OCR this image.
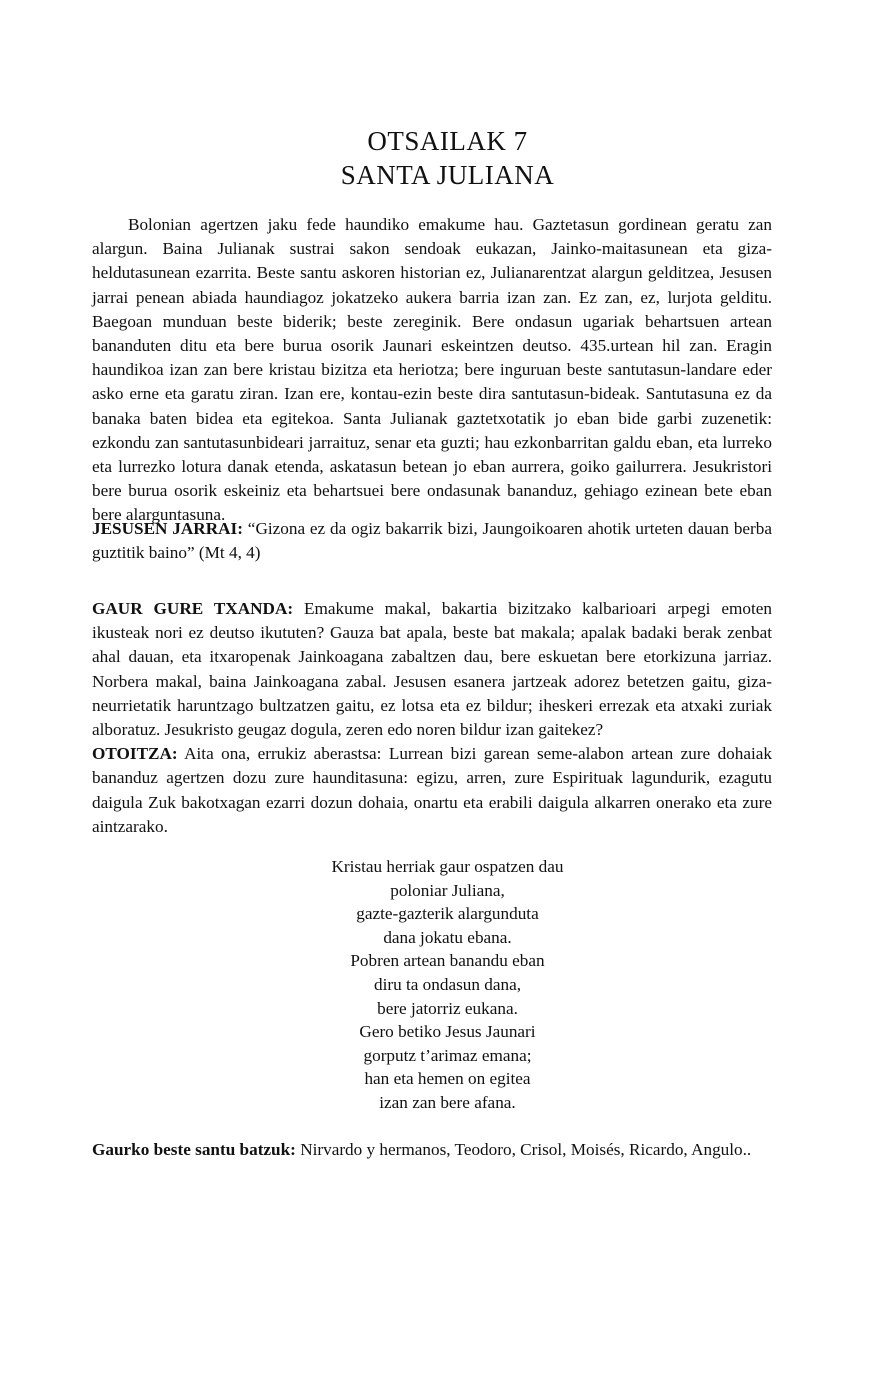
OTSAILAK 7
SANTA JULIANA

Bolonian agertzen jaku fede haundiko emakume hau. Gaztetasun gordinean geratu zan alargun. Baina Julianak sustrai sakon sendoak eukazan, Jainko-maitasunean eta giza-heldutasunean ezarrita. Beste santu askoren historian ez, Julianarentzat alargun gelditzea, Jesusen jarrai penean abiada haundiagoz jokatzeko aukera barria izan zan. Ez zan, ez, lurjota gelditu. Baegoan munduan beste biderik; beste zereginik. Bere ondasun ugariak behartsuen artean bananduten ditu eta bere burua osorik Jaunari eskeintzen deutso. 435.urtean hil zan. Eragin haundikoa izan zan bere kristau bizitza eta heriotza; bere inguruan beste santutasun-landare eder asko erne eta garatu ziran. Izan ere, kontau-ezin beste dira santutasun-bideak. Santutasuna ez da banaka baten bidea eta egitekoa. Santa Julianak gaztetxotatik jo eban bide garbi zuzenetik: ezkondu zan santutasunbideari jarraituz, senar eta guzti; hau ezkonbarritan galdu eban, eta lurreko eta lurrezko lotura danak etenda, askatasun betean jo eban aurrera, goiko gailurrera. Jesukristori bere burua osorik eskeiniz eta behartsuei bere ondasunak bananduz, gehiago ezinean bete eban bere alarguntasuna.

JESUSEN JARRAI: “Gizona ez da ogiz bakarrik bizi, Jaungoikoaren ahotik urteten dauan berba guztitik baino” (Mt 4, 4)

GAUR GURE TXANDA: Emakume makal, bakartia bizitzako kalbarioari arpegi emoten ikusteak nori ez deutso ikututen? Gauza bat apala, beste bat makala; apalak badaki berak zenbat ahal dauan, eta itxaropenak Jainkoagana zabaltzen dau, bere eskuetan bere etorkizuna jarriaz. Norbera makal, baina Jainkoagana zabal. Jesusen esanera jartzeak adorez betetzen gaitu, giza-neurrietatik haruntzago bultzatzen gaitu, ez lotsa eta ez bildur; iheskeri errezak eta atxaki zuriak alboratuz. Jesukristo geugaz dogula, zeren edo noren bildur izan gaitekez?

OTOITZA: Aita ona, errukiz aberastsa: Lurrean bizi garean seme-alabon artean zure dohaiak bananduz agertzen dozu zure haunditasuna: egizu, arren, zure Espirituak lagundurik, ezagutu daigula Zuk bakotxagan ezarri dozun dohaia, onartu eta erabili daigula alkarren onerako eta zure aintzarako.

Kristau herriak gaur ospatzen dau
poloniar Juliana,
gazte-gazterik alargunduta
dana jokatu ebana.
Pobren artean banandu eban
diru ta ondasun dana,
bere jatorriz eukana.
Gero betiko Jesus Jaunari
gorputz t’arimaz emana;
han eta hemen on egitea
izan zan bere afana.
Gaurko beste santu batzuk: Nirvardo y hermanos, Teodoro, Crisol, Moisés, Ricardo, Angulo..
